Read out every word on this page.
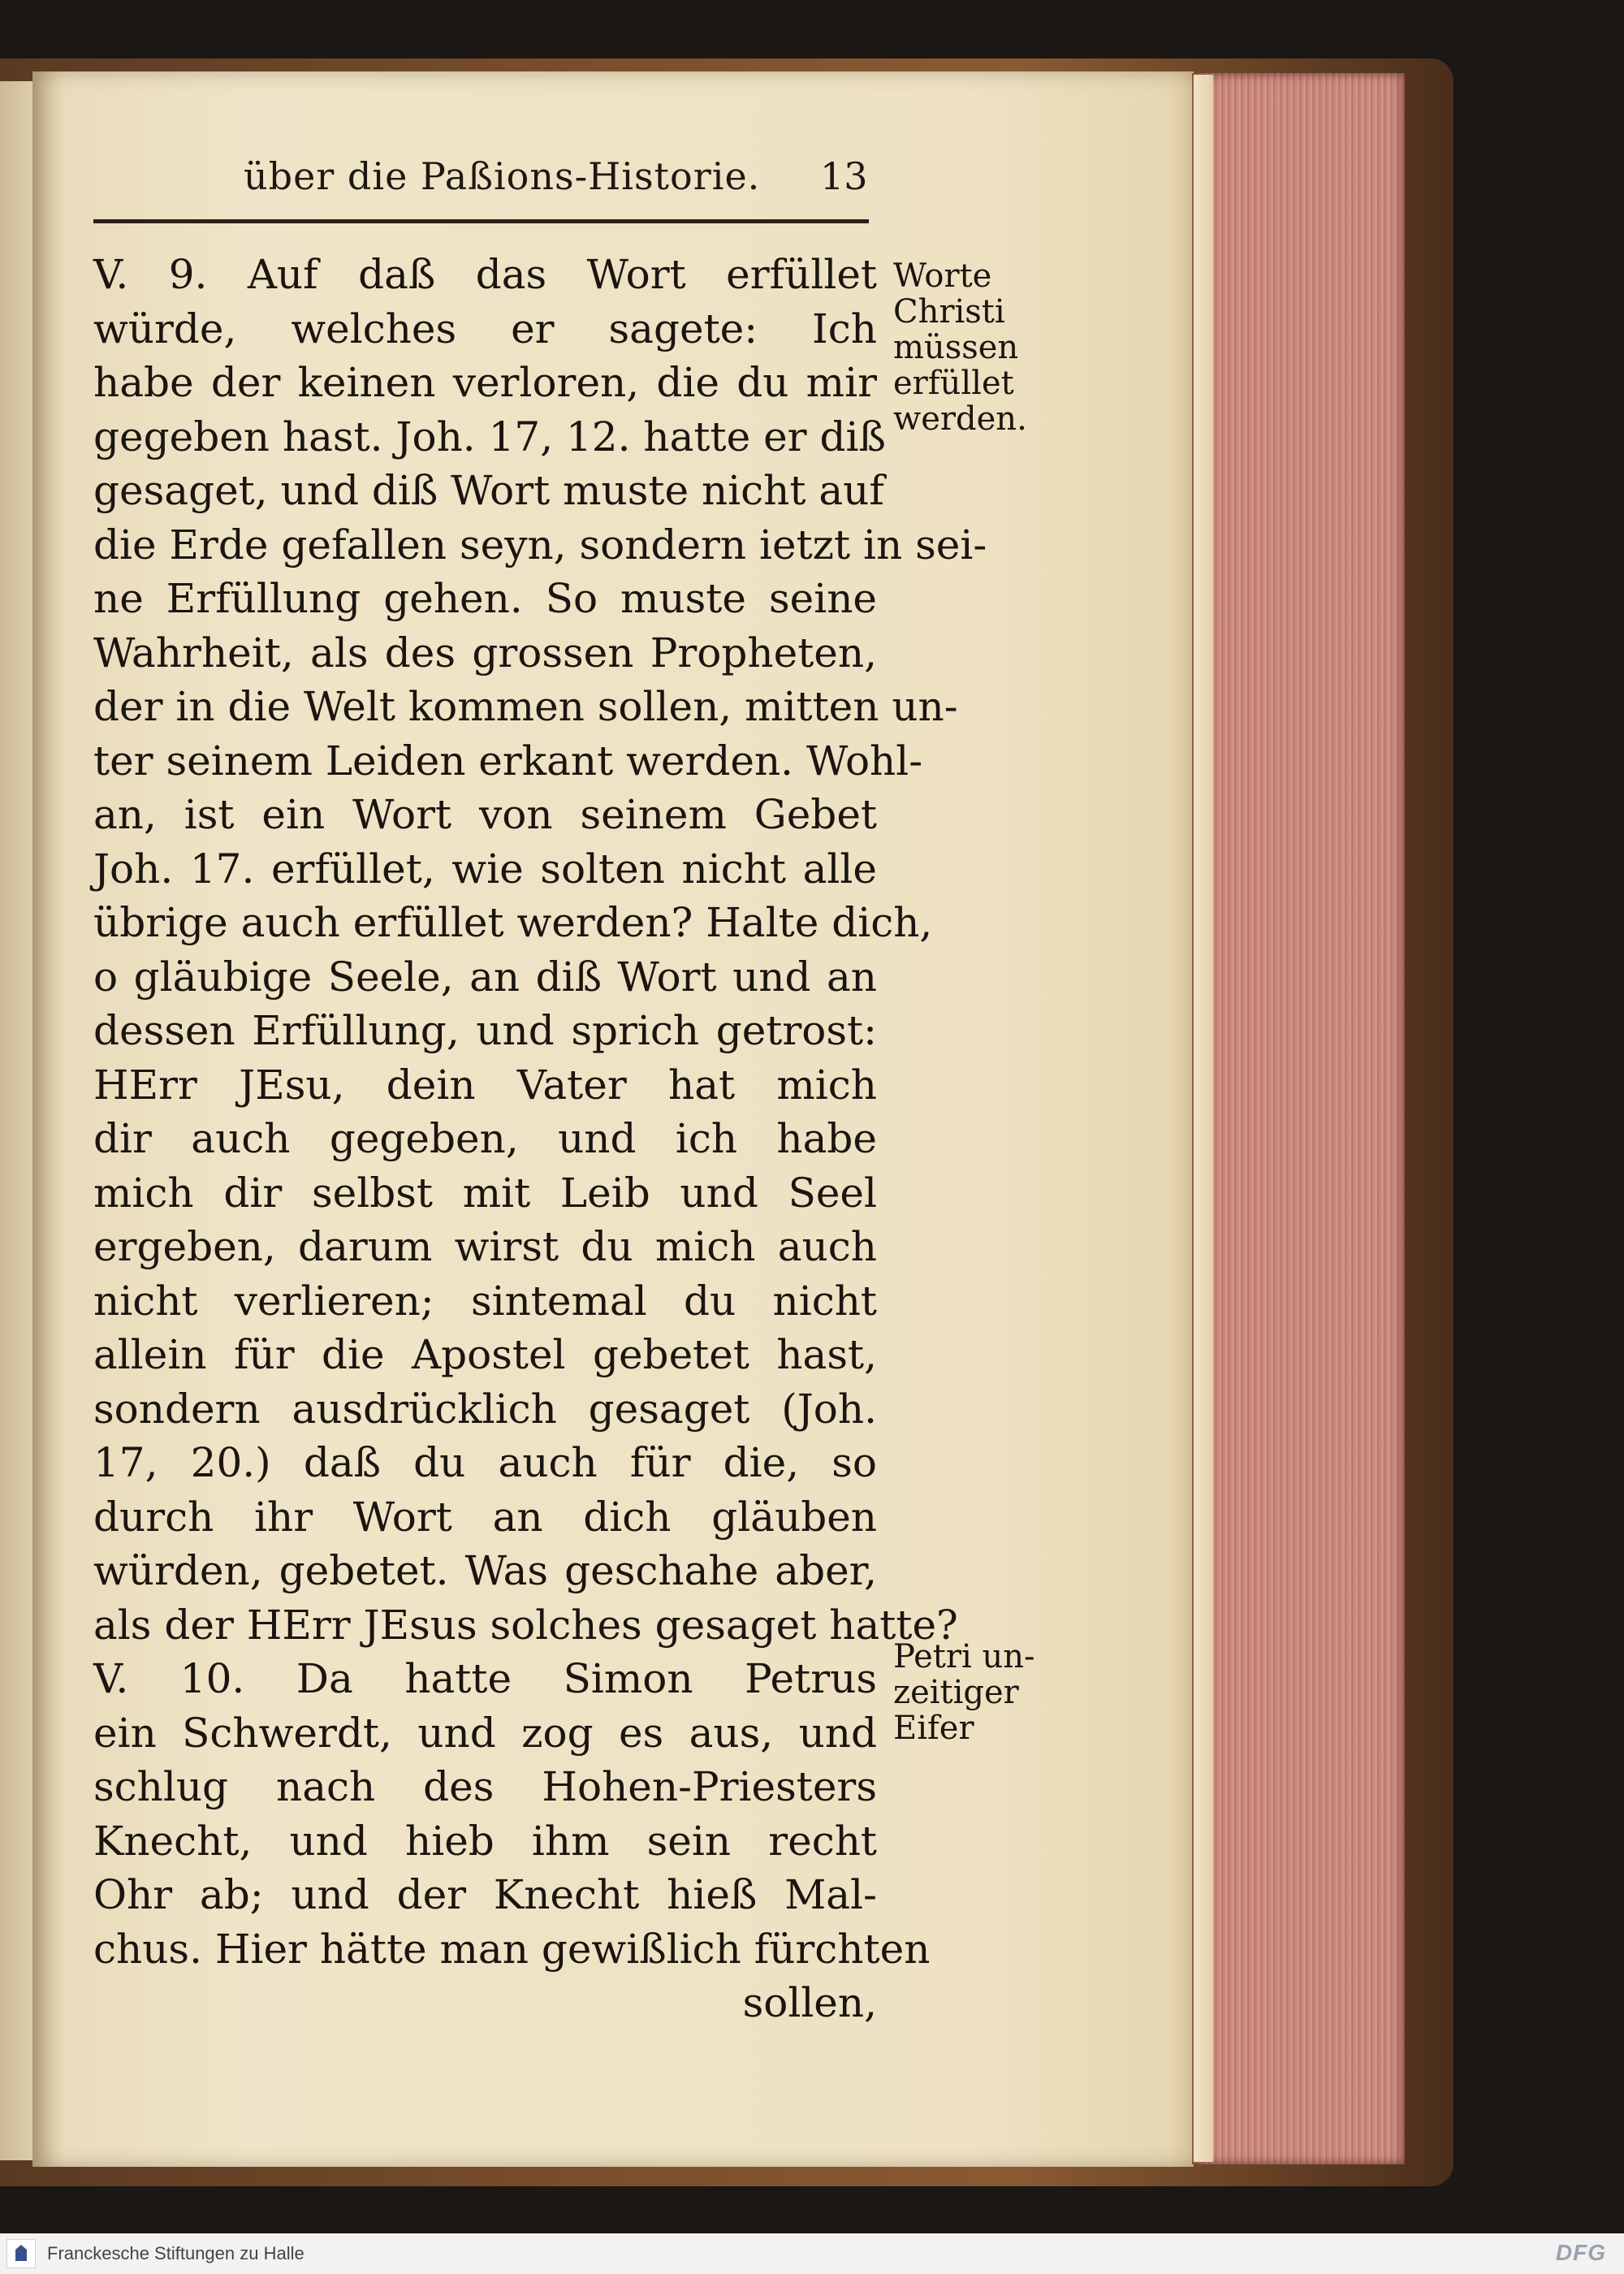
über die Paßions-Historie. 13
V. 9. Auf daß das Wort erfüllet
würde, welches er sagete: Ich
habe der keinen verloren, die du mir
gegeben hast. Joh. 17, 12. hatte er diß
gesaget, und diß Wort muste nicht auf
die Erde gefallen seyn, sondern ietzt in sei-
ne Erfüllung gehen. So muste seine
Wahrheit, als des grossen Propheten,
der in die Welt kommen sollen, mitten un-
ter seinem Leiden erkant werden. Wohl-
an, ist ein Wort von seinem Gebet
Joh. 17. erfüllet, wie solten nicht alle
übrige auch erfüllet werden? Halte dich,
o gläubige Seele, an diß Wort und an
dessen Erfüllung, und sprich getrost:
HErr JEsu, dein Vater hat mich
dir auch gegeben, und ich habe
mich dir selbst mit Leib und Seel
ergeben, darum wirst du mich auch
nicht verlieren; sintemal du nicht
allein für die Apostel gebetet hast,
sondern ausdrücklich gesaget (Joh.
17, 20.) daß du auch für die, so
durch ihr Wort an dich gläuben
würden, gebetet. Was geschahe aber,
als der HErr JEsus solches gesaget hatte?
V. 10. Da hatte Simon Petrus
ein Schwerdt, und zog es aus, und
schlug nach des Hohen-Priesters
Knecht, und hieb ihm sein recht
Ohr ab; und der Knecht hieß Mal-
chus. Hier hätte man gewißlich fürchten
sollen,
Worte
Christi
müssen
erfüllet
werden.
Petri un-
zeitiger
Eifer
Franckesche Stiftungen zu Halle	DFG
